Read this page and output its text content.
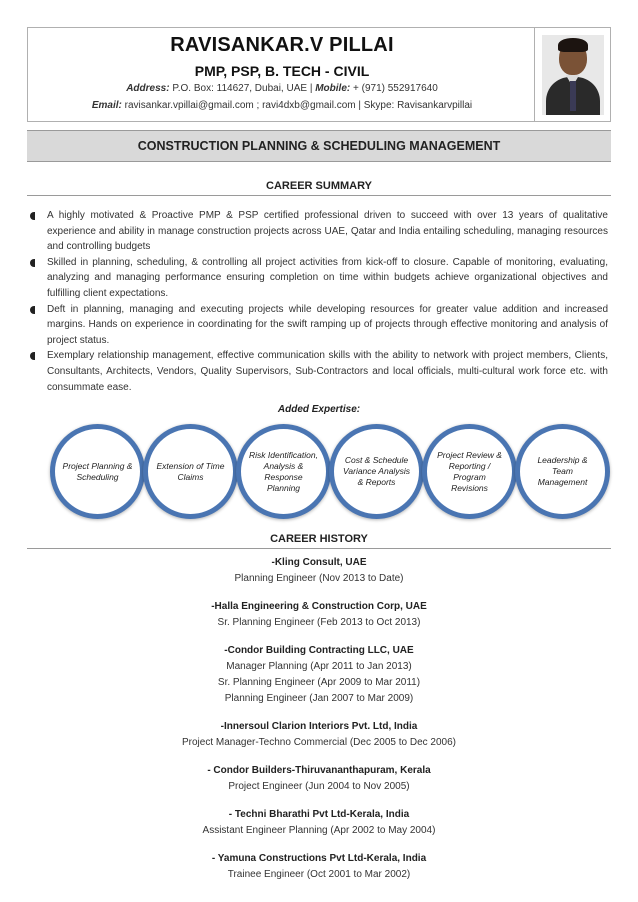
RAVISANKAR.V PILLAI
PMP, PSP, B. TECH - CIVIL
Address: P.O. Box: 114627, Dubai, UAE | Mobile: + (971) 552917640
Email: ravisankar.vpillai@gmail.com ; ravi4dxb@gmail.com | Skype: Ravisankarvpillai
CONSTRUCTION PLANNING & SCHEDULING MANAGEMENT
CAREER SUMMARY
A highly motivated & Proactive PMP & PSP certified professional driven to succeed with over 13 years of qualitative experience and ability in manage construction projects across UAE, Qatar and India entailing scheduling, managing resources and controlling budgets
Skilled in planning, scheduling, & controlling all project activities from kick-off to closure. Capable of monitoring, evaluating, analyzing and managing performance ensuring completion on time within budgets achieve organizational objectives and fulfilling client expectations.
Deft in planning, managing and executing projects while developing resources for greater value addition and increased margins. Hands on experience in coordinating for the swift ramping up of projects through effective monitoring and analysis of project status.
Exemplary relationship management, effective communication skills with the ability to network with project members, Clients, Consultants, Architects, Vendors, Quality Supervisors, Sub-Contractors and local officials, multi-cultural work force etc. with consummate ease.
Added Expertise:
Project Planning & Scheduling
Extension of Time Claims
Risk Identification, Analysis & Response Planning
Cost & Schedule Variance Analysis & Reports
Project Review & Reporting / Program Revisions
Leadership & Team Management
CAREER HISTORY
-Kling Consult, UAE
Planning Engineer (Nov 2013 to Date)
-Halla Engineering & Construction Corp, UAE
Sr. Planning Engineer (Feb 2013 to Oct 2013)
-Condor Building Contracting LLC, UAE
Manager Planning (Apr 2011 to Jan 2013)
Sr. Planning Engineer (Apr 2009 to Mar 2011)
Planning Engineer (Jan 2007 to Mar 2009)
-Innersoul Clarion Interiors Pvt. Ltd, India
Project Manager-Techno Commercial (Dec 2005 to Dec 2006)
- Condor Builders-Thiruvananthapuram, Kerala
Project Engineer (Jun 2004 to Nov 2005)
- Techni Bharathi Pvt Ltd-Kerala, India
Assistant Engineer Planning (Apr 2002 to May 2004)
- Yamuna Constructions Pvt Ltd-Kerala, India
Trainee Engineer (Oct 2001 to Mar 2002)
